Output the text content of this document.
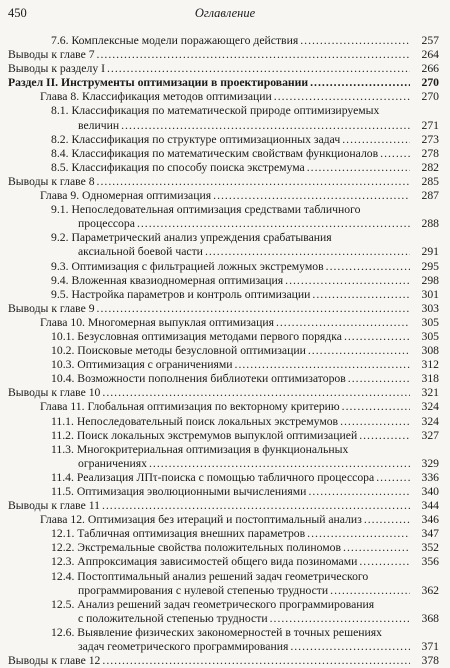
450	Оглавление
7.6. Комплексные модели поражающего действия .....	257
Выводы к главе 7 .....	264
Выводы к разделу I .....	266
Раздел II. Инструменты оптимизации в проектировании .....	270
Глава 8. Классификация методов оптимизации .....	270
8.1. Классификация по математической природе оптимизируемых
величин .....	271
8.2. Классификация по структуре оптимизационных задач .....	273
8.4. Классификация по математическим свойствам функционалов .....	278
8.5. Классификация по способу поиска экстремума .....	282
Выводы к главе 8 .....	285
Глава 9. Одномерная оптимизация .....	287
9.1. Непоследовательная оптимизация средствами табличного
процессора .....	288
9.2. Параметрический анализ упреждения срабатывания
аксиальной боевой части .....	291
9.3. Оптимизация с фильтрацией ложных экстремумов .....	295
9.4. Вложенная квазиодномерная оптимизация .....	298
9.5. Настройка параметров и контроль оптимизации .....	301
Выводы к главе 9 .....	303
Глава 10. Многомерная выпуклая оптимизация .....	305
10.1. Безусловная оптимизация методами первого порядка .....	305
10.2. Поисковые методы безусловной оптимизации .....	308
10.3. Оптимизация с ограничениями .....	312
10.4. Возможности пополнения библиотеки оптимизаторов .....	318
Выводы к главе 10 .....	321
Глава 11. Глобальная оптимизация по векторному критерию .....	324
11.1. Непоследовательный поиск локальных экстремумов .....	324
11.2. Поиск локальных экстремумов выпуклой оптимизацией .....	327
11.3. Многокритериальная оптимизация в функциональных
ограничениях .....	329
11.4. Реализация ЛПτ-поиска с помощью табличного процессора .....	336
11.5. Оптимизация эволюционными вычислениями .....	340
Выводы к главе 11 .....	344
Глава 12. Оптимизация без итераций и постоптимальный анализ .....	346
12.1. Табличная оптимизация внешних параметров .....	347
12.2. Экстремальные свойства положительных полиномов .....	352
12.3. Аппроксимация зависимостей общего вида позиномами .....	356
12.4. Постоптимальный анализ решений задач геометрического
программирования с нулевой степенью трудности .....	362
12.5. Анализ решений задач геометрического программирования
с положительной степенью трудности .....	368
12.6. Выявление физических закономерностей в точных решениях
задач геометрического программирования .....	371
Выводы к главе 12 .....	378
